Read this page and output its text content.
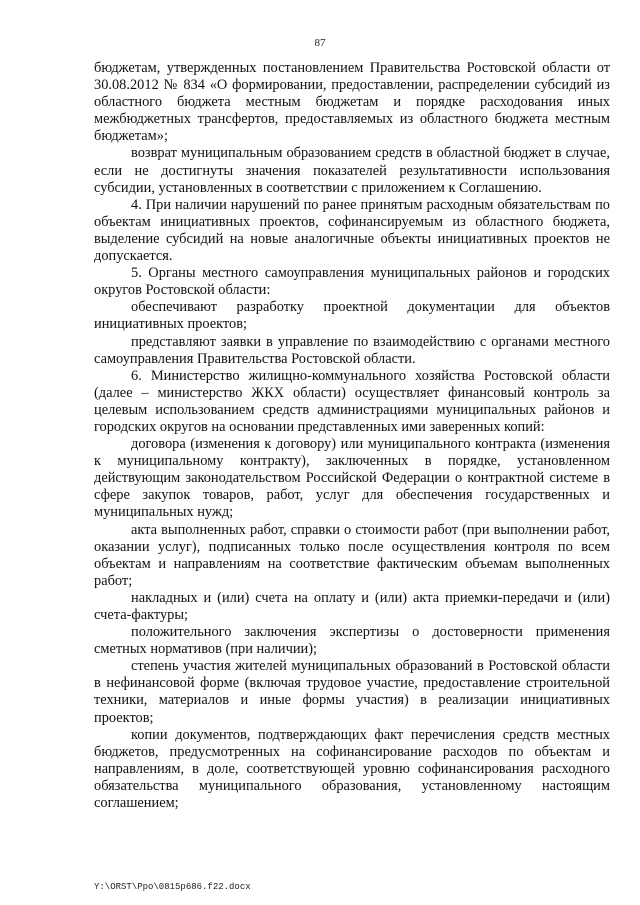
87

бюджетам, утвержденных постановлением Правительства Ростовской области от 30.08.2012 № 834 «О формировании, предоставлении, распределении субсидий из областного бюджета местным бюджетам и порядке расходования иных межбюджетных трансфертов, предоставляемых из областного бюджета местным бюджетам»;

возврат муниципальным образованием средств в областной бюджет в случае, если не достигнуты значения показателей результативности использования субсидии, установленных в соответствии с приложением к Соглашению.

4. При наличии нарушений по ранее принятым расходным обязательствам по объектам инициативных проектов, софинансируемым из областного бюджета, выделение субсидий на новые аналогичные объекты инициативных проектов не допускается.

5. Органы местного самоуправления муниципальных районов и городских округов Ростовской области:

обеспечивают разработку проектной документации для объектов инициативных проектов;

представляют заявки в управление по взаимодействию с органами местного самоуправления Правительства Ростовской области.

6. Министерство жилищно-коммунального хозяйства Ростовской области (далее – министерство ЖКХ области) осуществляет финансовый контроль за целевым использованием средств администрациями муниципальных районов и городских округов на основании представленных ими заверенных копий:

договора (изменения к договору) или муниципального контракта (изменения к муниципальному контракту), заключенных в порядке, установленном действующим законодательством Российской Федерации о контрактной системе в сфере закупок товаров, работ, услуг для обеспечения государственных и муниципальных нужд;

акта выполненных работ, справки о стоимости работ (при выполнении работ, оказании услуг), подписанных только после осуществления контроля по всем объектам и направлениям на соответствие фактическим объемам выполненных работ;

накладных и (или) счета на оплату и (или) акта приемки-передачи и (или) счета-фактуры;

положительного заключения экспертизы о достоверности применения сметных нормативов (при наличии);

степень участия жителей муниципальных образований в Ростовской области в нефинансовой форме (включая трудовое участие, предоставление строительной техники, материалов и иные формы участия) в реализации инициативных проектов;

копии документов, подтверждающих факт перечисления средств местных бюджетов, предусмотренных на софинансирование расходов по объектам и направлениям, в доле, соответствующей уровню софинансирования расходного обязательства муниципального образования, установленному настоящим соглашением;

Y:\ORST\Ppo\0815p686.f22.docx
